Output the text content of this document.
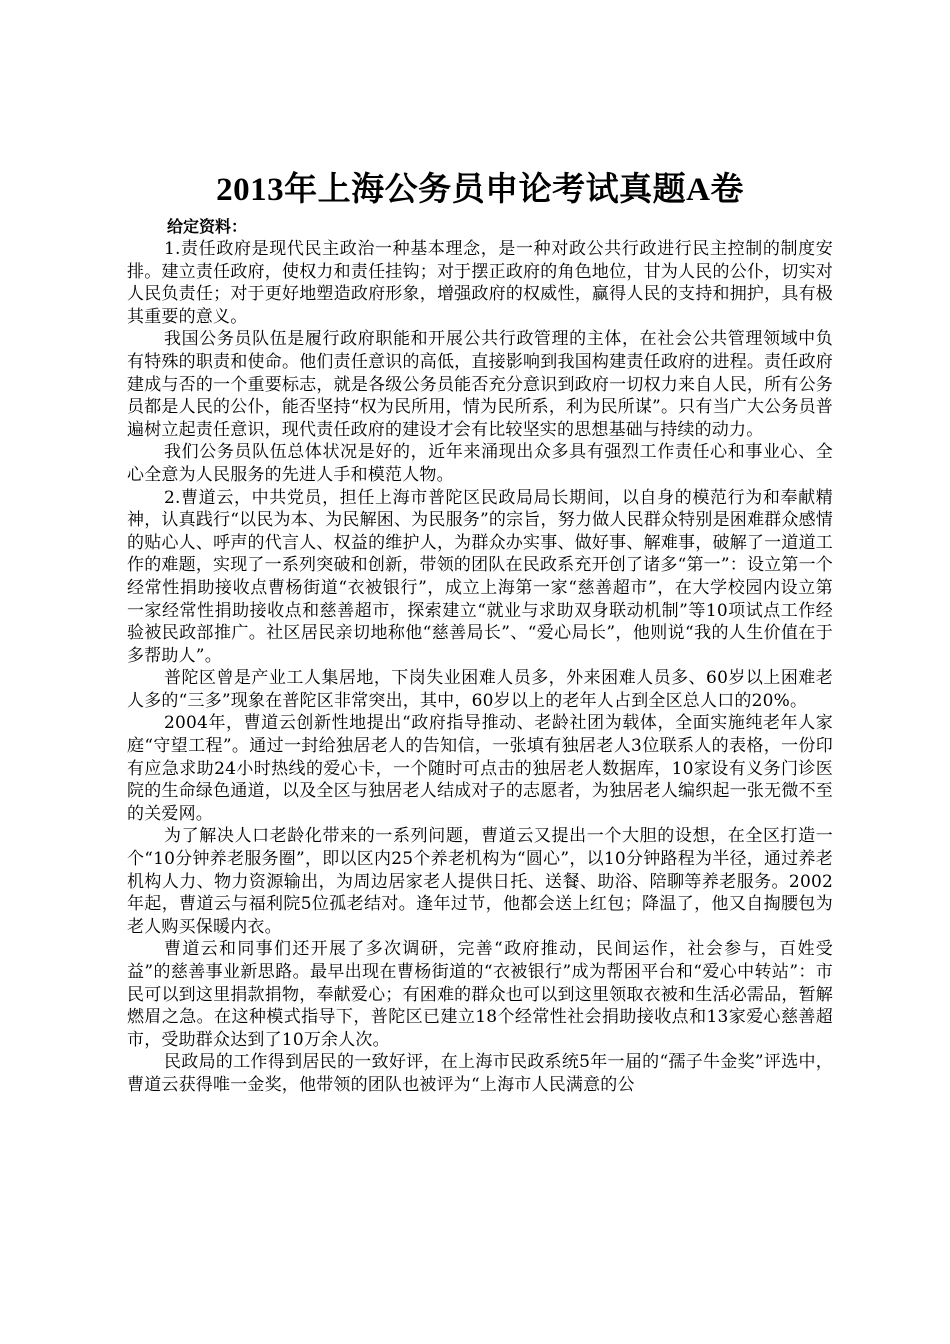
2013年上海公务员申论考试真题A卷
给定资料：

1.责任政府是现代民主政治一种基本理念，是一种对政公共行政进行民主控制的制度安排。建立责任政府，使权力和责任挂钩；对于摆正政府的角色地位，甘为人民的公仆，切实对人民负责任；对于更好地塑造政府形象，增强政府的权威性，赢得人民的支持和拥护，具有极其重要的意义。

我国公务员队伍是履行政府职能和开展公共行政管理的主体，在社会公共管理领域中负有特殊的职责和使命。他们责任意识的高低，直接影响到我国构建责任政府的进程。责任政府建成与否的一个重要标志，就是各级公务员能否充分意识到政府一切权力来自人民，所有公务员都是人民的公仆，能否坚持“权为民所用，情为民所系，利为民所谋”。只有当广大公务员普遍树立起责任意识，现代责任政府的建设才会有比较坚实的思想基础与持续的动力。

我们公务员队伍总体状况是好的，近年来涌现出众多具有强烈工作责任心和事业心、全心全意为人民服务的先进人手和模范人物。

2.曹道云，中共党员，担任上海市普陀区民政局局长期间，以自身的模范行为和奉献精神，认真践行“以民为本、为民解困、为民服务”的宗旨，努力做人民群众特别是困难群众感情的贴心人、呼声的代言人、权益的维护人，为群众办实事、做好事、解难事，破解了一道道工作的难题，实现了一系列突破和创新，带领的团队在民政系充开创了诸多“第一”：设立第一个经常性捐助接收点曹杨街道“衣被银行”，成立上海第一家“慈善超市”，在大学校园内设立第一家经常性捐助接收点和慈善超市，探索建立“就业与求助双身联动机制”等10项试点工作经验被民政部推广。社区居民亲切地称他“慈善局长”、“爱心局长”，他则说“我的人生价值在于多帮助人”。

普陀区曾是产业工人集居地，下岗失业困难人员多，外来困难人员多、60岁以上困难老人多的“三多”现象在普陀区非常突出，其中，60岁以上的老年人占到全区总人口的20%。

2004年，曹道云创新性地提出“政府指导推动、老龄社团为载体，全面实施纯老年人家庭“守望工程”。通过一封给独居老人的告知信，一张填有独居老人3位联系人的表格，一份印有应急求助24小时热线的爱心卡，一个随时可点击的独居老人数据库，10家设有义务门诊医院的生命绿色通道，以及全区与独居老人结成对子的志愿者，为独居老人编织起一张无微不至的关爱网。

为了解决人口老龄化带来的一系列问题，曹道云又提出一个大胆的设想，在全区打造一个“10分钟养老服务圈”，即以区内25个养老机构为“圆心”，以10分钟路程为半径，通过养老机构人力、物力资源输出，为周边居家老人提供日托、送餐、助浴、陪聊等养老服务。2002年起，曹道云与福利院5位孤老结对。逢年过节，他都会送上红包；降温了，他又自掏腰包为老人购买保暖内衣。

曹道云和同事们还开展了多次调研，完善“政府推动，民间运作，社会参与，百姓受益”的慈善事业新思路。最早出现在曹杨街道的“衣被银行”成为帮困平台和“爱心中转站”：市民可以到这里捐款捐物，奉献爱心；有困难的群众也可以到这里领取衣被和生活必需品，暂解燃眉之急。在这种模式指导下，普陀区已建立18个经常性社会捐助接收点和13家爱心慈善超市，受助群众达到了10万余人次。

民政局的工作得到居民的一致好评，在上海市民政系统5年一届的“孺子牛金奖”评选中，曹道云获得唯一金奖，他带领的团队也被评为“上海市人民满意的公
